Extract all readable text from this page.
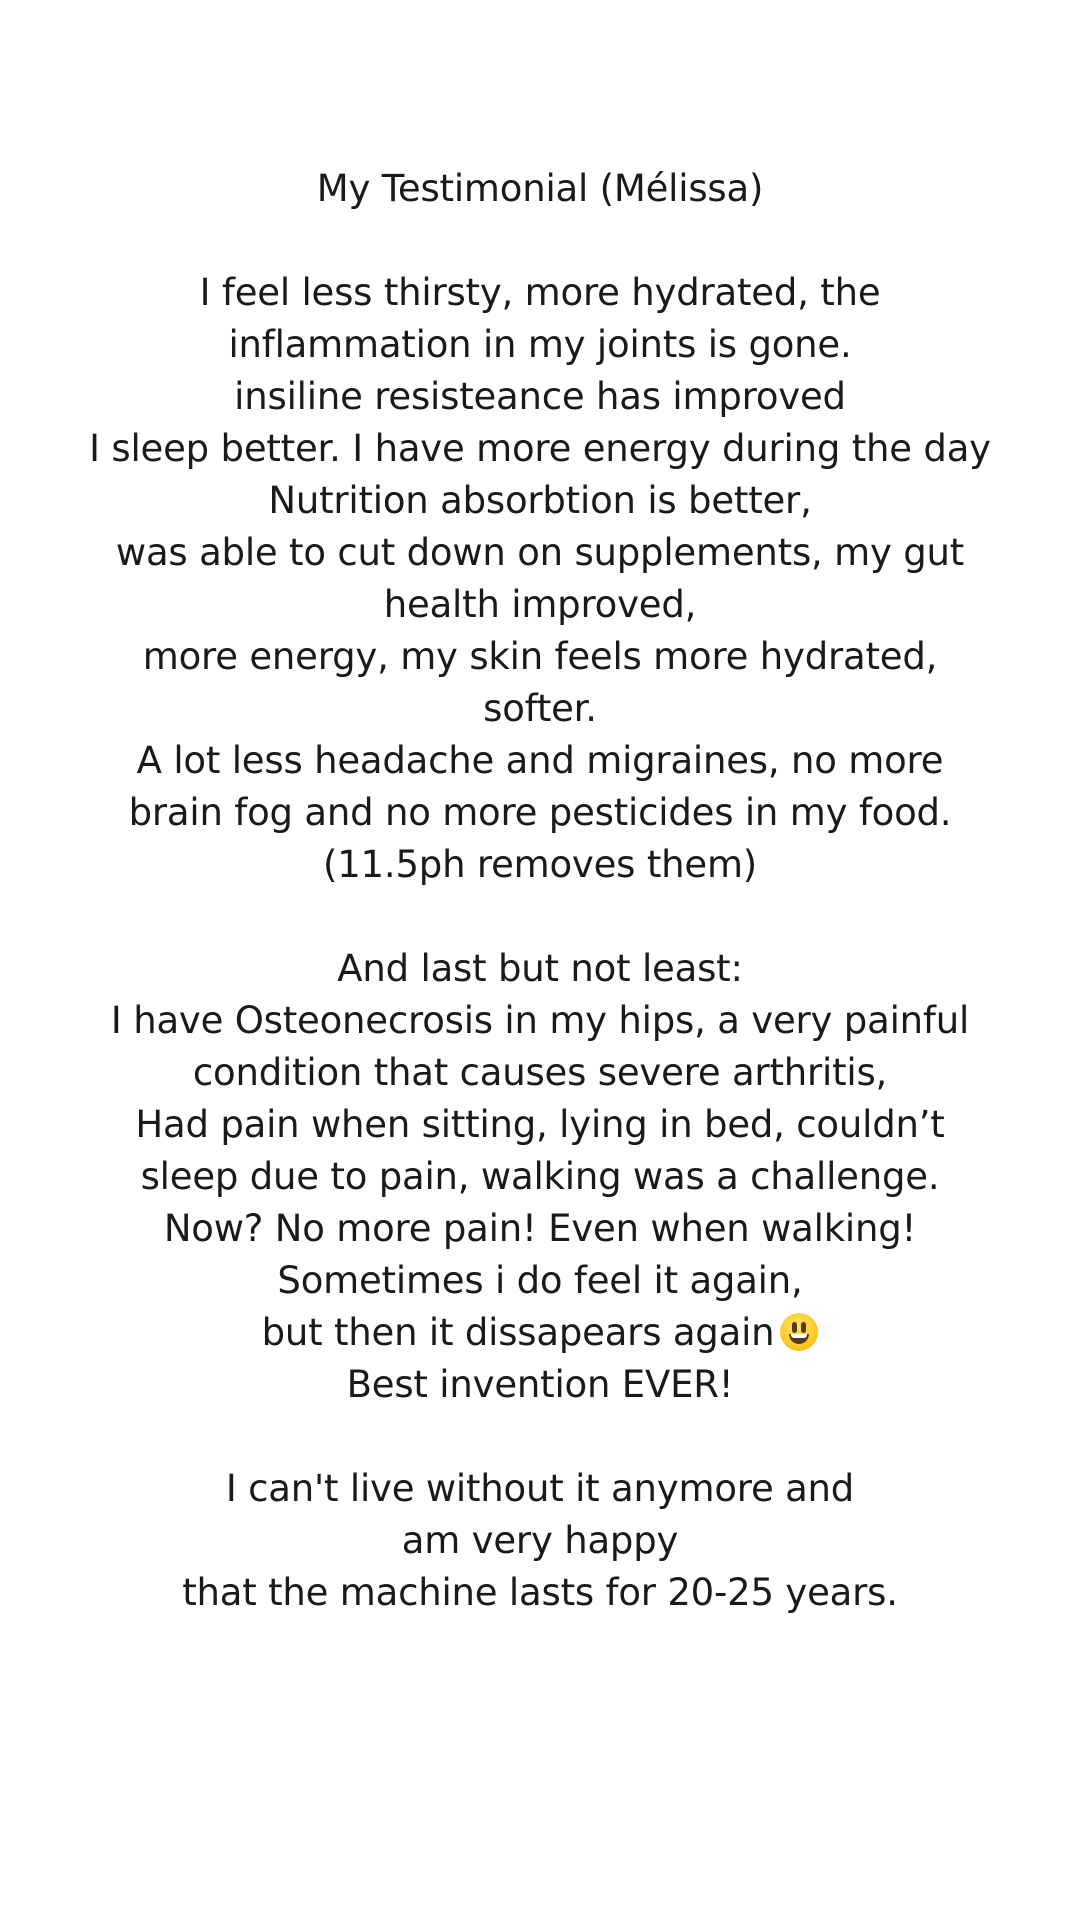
My Testimonial (Mélissa)
I feel less thirsty, more hydrated, the
inflammation in my joints is gone.
insiline resisteance has improved
I sleep better. I have more energy during the day
Nutrition absorbtion is better,
was able to cut down on supplements, my gut
health improved,
more energy, my skin feels more hydrated,
softer.
A lot less headache and migraines, no more
brain fog and no more pesticides in my food.
(11.5ph removes them)
And last but not least:
I have Osteonecrosis in my hips, a very painful
condition that causes severe arthritis,
Had pain when sitting, lying in bed, couldn’t
sleep due to pain, walking was a challenge.
Now? No more pain! Even when walking!
Sometimes i do feel it again,
but then it dissapears again
Best invention EVER!
I can't live without it anymore and
am very happy
that the machine lasts for 20-25 years.
